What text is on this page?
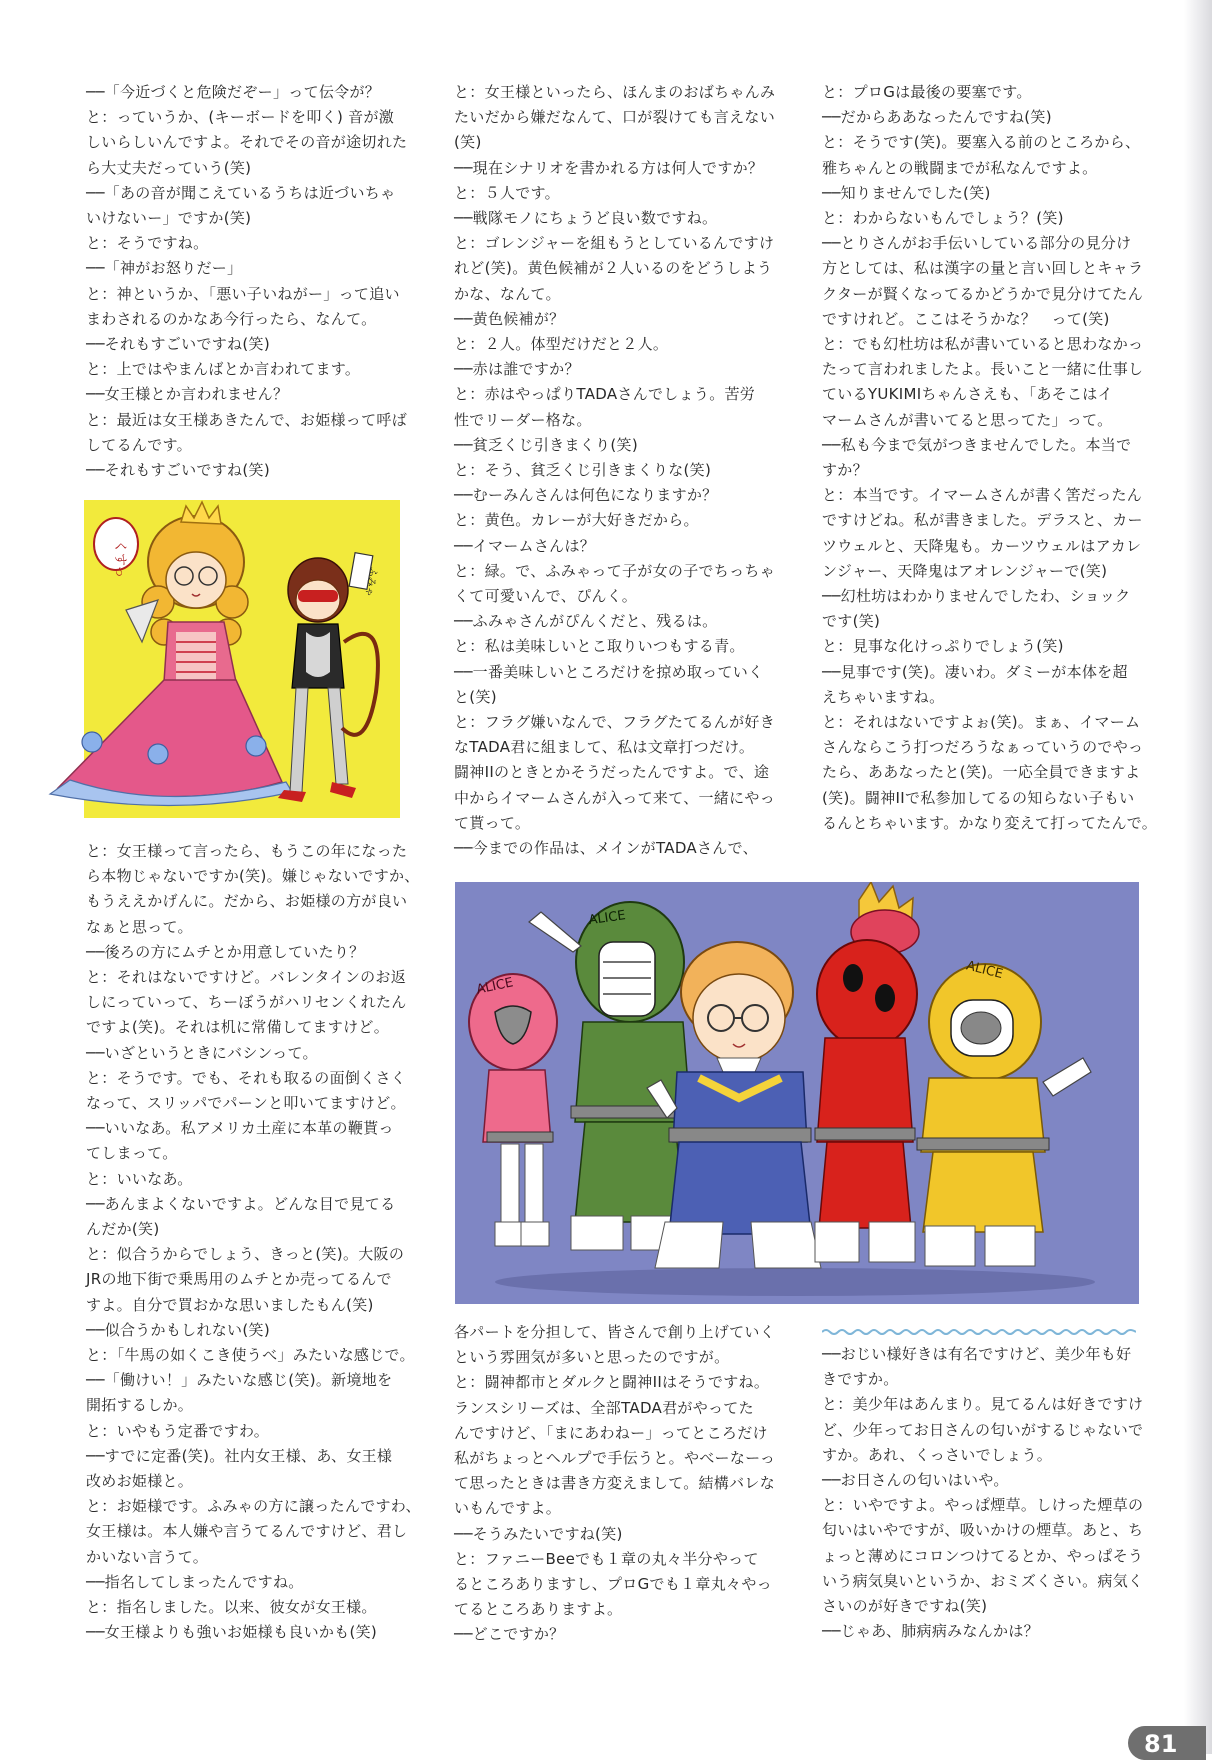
──「今近づくと危険だぞー」って伝令が？

と：っていうか、(キーボードを叩く) 音が激

しいらしいんですよ。それでその音が途切れた

ら大丈夫だっていう(笑)

──「あの音が聞こえているうちは近づいちゃ

いけないー」ですか(笑)

と：そうですね。

──「神がお怒りだー」

と：神というか、「悪い子いねがー」って追い

まわされるのかなあ今行ったら、なんて。

──それもすごいですね(笑)

と：上ではやまんばとか言われてます。

──女王様とか言われません？

と：最近は女王様あきたんで、お姫様って呼ば

してるんです。

──それもすごいですね(笑)

と：女王様って言ったら、もうこの年になった

ら本物じゃないですか(笑)。嫌じゃないですか、

もうええかげんに。だから、お姫様の方が良い

なぁと思って。

──後ろの方にムチとか用意していたり？

と：それはないですけど。バレンタインのお返

しにっていって、ちーぼうがハリセンくれたん

ですよ(笑)。それは机に常備してますけど。

──いざというときにバシンって。

と：そうです。でも、それも取るの面倒くさく

なって、スリッパでパーンと叩いてますけど。

──いいなあ。私アメリカ土産に本革の鞭貰っ

てしまって。

と：いいなあ。

──あんまよくないですよ。どんな目で見てる

んだか(笑)

と：似合うからでしょう、きっと(笑)。大阪の

JRの地下街で乗馬用のムチとか売ってるんで

すよ。自分で買おかな思いましたもん(笑)

──似合うかもしれない(笑)

と：「牛馬の如くこき使うべ」みたいな感じで。

──「働けい！」みたいな感じ(笑)。新境地を

開拓するしか。

と：いやもう定番ですわ。

──すでに定番(笑)。社内女王様、あ、女王様

改めお姫様と。

と：お姫様です。ふみゃの方に譲ったんですわ、

女王様は。本人嫌や言うてるんですけど、君し

かいない言うて。

──指名してしまったんですね。

と：指名しました。以来、彼女が女王様。

──女王様よりも強いお姫様も良いかも(笑)

と：女王様といったら、ほんまのおばちゃんみ

たいだから嫌だなんて、口が裂けても言えない

(笑)

──現在シナリオを書かれる方は何人ですか？

と：５人です。

──戦隊モノにちょうど良い数ですね。

と：ゴレンジャーを組もうとしているんですけ

れど(笑)。黄色候補が２人いるのをどうしよう

かな、なんて。

──黄色候補が？

と：２人。体型だけだと２人。

──赤は誰ですか？

と：赤はやっぱりTADAさんでしょう。苦労

性でリーダー格な。

──貧乏くじ引きまくり(笑)

と：そう、貧乏くじ引きまくりな(笑)

──むーみんさんは何色になりますか？

と：黄色。カレーが大好きだから。

──イマームさんは？

と：緑。で、ふみゃって子が女の子でちっちゃ

くて可愛いんで、ぴんく。

──ふみゃさんがぴんくだと、残るは。

と：私は美味しいとこ取りいつもする青。

──一番美味しいところだけを掠め取っていく

と(笑)

と：フラグ嫌いなんで、フラグたてるんが好き

なTADA君に組まして、私は文章打つだけ。

闘神IIのときとかそうだったんですよ。で、途

中からイマームさんが入って来て、一緒にやっ

て貰って。

──今までの作品は、メインがTADAさんで、

と：プロGは最後の要塞です。

──だからああなったんですね(笑)

と：そうです(笑)。要塞入る前のところから、

雅ちゃんとの戦闘までが私なんですよ。

──知りませんでした(笑)

と：わからないもんでしょう？(笑)

──とりさんがお手伝いしている部分の見分け

方としては、私は漢字の量と言い回しとキャラ

クターが賢くなってるかどうかで見分けてたん

ですけれど。ここはそうかな？　って(笑)

と：でも幻杜坊は私が書いていると思わなかっ

たって言われましたよ。長いこと一緒に仕事し

ているYUKIMIちゃんさえも、「あそこはイ

マームさんが書いてると思ってた」って。

──私も今まで気がつきませんでした。本当で

すか？

と：本当です。イマームさんが書く筈だったん

ですけどね。私が書きました。デラスと、カー

ツウェルと、天降鬼も。カーツウェルはアカレ

ンジャー、天降鬼はアオレンジャーで(笑)

──幻杜坊はわかりませんでしたわ、ショック

です(笑)

と：見事な化けっぷりでしょう(笑)

──見事です(笑)。凄いわ。ダミーが本体を超

えちゃいますね。

と：それはないですよぉ(笑)。まぁ、イマーム

さんならこう打つだろうなぁっていうのでやっ

たら、ああなったと(笑)。一応全員できますよ

(笑)。闘神IIで私参加してるの知らない子もい

るんとちゃいます。かなり変えて打ってたんで。

各パートを分担して、皆さんで創り上げていく

という雰囲気が多いと思ったのですが。

と：闘神都市とダルクと闘神IIはそうですね。

ランスシリーズは、全部TADA君がやってた

んですけど、「まにあわねー」ってところだけ

私がちょっとヘルプで手伝うと。やべーなーっ

て思ったときは書き方変えまして。結構バレな

いもんですよ。

──そうみたいですね(笑)

と：ファニーBeeでも１章の丸々半分やって

るところありますし、プロGでも１章丸々やっ

てるところありますよ。

──どこですか？

──おじい様好きは有名ですけど、美少年も好

きですか。

と：美少年はあんまり。見てるんは好きですけ

ど、少年ってお日さんの匂いがするじゃないで

すか。あれ、くっさいでしょう。

──お日さんの匂いはいや。

と：いやですよ。やっぱ煙草。しけった煙草の

匂いはいやですが、吸いかけの煙草。あと、ち

ょっと薄めにコロンつけてるとか、やっぱそう

いう病気臭いというか、おミズくさい。病気く

さいのが好きですね(笑)

──じゃあ、肺病病みなんかは？

くすっ
ふみゃ
ALICE
ALICE
ALICE
81
